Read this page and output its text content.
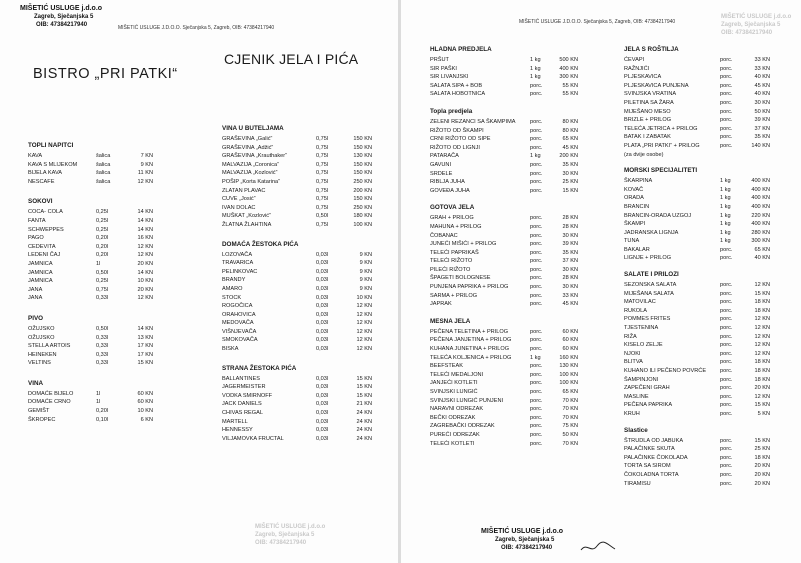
MIŠETIĆ USLUGE j.d.o.o
Zagreb, Sječanjska 5
OIB: 47384217940	MIŠETIĆ USLUGE J.D.O.O. Sječanjska 5, Zagreb, OIB: 47384217940
CJENIK JELA I PIĆA
BISTRO „PRI PATKI“
TOPLI NAPITCI
KAVA	šalica	7 KN
KAVA S MLIJEKOM	šalica	9 KN
BIJELA KAVA	šalica	11 KN
NESCAFE	šalica	12 KN
SOKOVI
COCA- COLA	0,25l	14 KN
FANTA	0,25l	14 KN
SCHWEPPES	0,25l	14 KN
PAGO	0,20l	16 KN
CEDEVITA	0,20l	12 KN
LEDENI ČAJ	0,20l	12 KN
JAMNICA	1l	20 KN
JAMNICA	0,50l	14 KN
JAMNICA	0,25l	10 KN
JANA	0,75l	20 KN
JANA	0,33l	12 KN
PIVO
OŽUJSKO	0,50l	14 KN
OŽUJSKO	0,33l	13 KN
STELLA ARTOIS	0,33l	17 KN
HEINEKEN	0,33l	17 KN
VELTINS	0,33l	15 KN
VINA
DOMAĆE BIJELO	1l	60 KN
DOMAĆE CRNO	1l	60 KN
GEMIŠT	0,20l	10 KN
ŠKROPEC	0,10l	6 KN
VINA U BUTELJAMA
GRAŠEVINA „Galić“	0,75l	150 KN
GRAŠEVINA „Adžić“	0,75l	150 KN
GRAŠEVINA „Krauthaker“	0,75l	130 KN
MALVAZIJA „Coronica“	0,75l	150 KN
MALVAZIJA „Kozlović“	0,75l	150 KN
POŠIP „Korta Katarina“	0,75l	250 KN
ZLATAN PLAVAC	0,75l	200 KN
CUVE „Josić“	0,75l	150 KN
IVAN DOLAC	0,75l	250 KN
MUŠKAT „Kozlović“	0,50l	180 KN
ŽLATNA ŽLAHTINA	0,75l	100 KN
DOMAĆA ŽESTOKA PIĆA
LOZOVAČA	0,03l	9 KN
TRAVARICA	0,03l	9 KN
PELINKOVAC	0,03l	9 KN
BRANDY	0,03l	9 KN
AMARO	0,03l	9 KN
STOCK	0,03l	10 KN
ROGOČICA	0,03l	12 KN
ORAHOVICA	0,03l	12 KN
MEDOVAČA	0,03l	12 KN
VIŠNJEVAČA	0,03l	12 KN
SMOKOVAČA	0,03l	12 KN
BISKA	0,03l	12 KN
STRANA ŽESTOKA PIĆA
BALLANTINES	0,03l	15 KN
JAGERMEISTER	0,03l	15 KN
VODKA SMIRNOFF	0,03l	15 KN
JACK DANIELS	0,03l	21 KN
CHIVAS REGAL	0,03l	24 KN
MARTELL	0,03l	24 KN
HENNESSY	0,03l	24 KN
VILJAMOVKA FRUCTAL	0,03l	24 KN
MIŠETIĆ USLUGE j.d.o.o
Zagreb, Sječanjska 5
OIB: 47384217940
MIŠETIĆ USLUGE J.D.O.O. Sječanjska 5, Zagreb, OIB: 47384217940
MIŠETIĆ USLUGE j.d.o.o
Zagreb, Sječanjska 5
OIB: 47384217940
HLADNA PREDJELA
PRŠUT	1 kg	500 KN
SIR PAŠKI	1 kg	400 KN
SIR LIVANJSKI	1 kg	300 KN
SALATA SIPA + BOB	porc.	55 KN
SALATA HOBOTNICA	porc.	55 KN
Topla predjela
ZELENI REZANCI SA ŠKAMPIMA	porc.	80 KN
RIŽOTO OD ŠKAMPI	porc.	80 KN
CRNI RIŽOTO OD SIPE	porc.	65 KN
RIŽOTO OD LIGNJI	porc.	45 KN
PATARAČA	1 kg	200 KN
GAVUNI	porc.	35 KN
SRDELE	porc.	30 KN
RIBLJA JUHA	porc.	25 KN
GOVEĐA JUHA	porc.	15 KN
GOTOVA JELA
GRAH + PRILOG	porc.	28 KN
MAHUNA + PRILOG	porc.	28 KN
ČOBANAC	porc.	30 KN
JUNEĆI MIŠIĆI + PRILOG	porc.	39 KN
TELEĆI PAPRIKAŠ	porc.	35 KN
TELEĆI RIŽOTO	porc.	37 KN
PILEĆI RIŽOTO	porc.	30 KN
ŠPAGETI BOLOGNESE	porc.	28 KN
PUNJENA PAPRIKA + PRILOG	porc.	30 KN
SARMA + PRILOG	porc.	33 KN
JAPRAK	porc.	45 KN
MESNA JELA
PEČENA TELETINA + PRILOG	porc.	60 KN
PEČENA JANJETINA + PRILOG	porc.	60 KN
KUHANA JUNETINA + PRILOG	porc.	60 KN
TELEĆA KOLJENICA + PRILOG	1 kg	160 KN
BEEFSTEAK	porc.	130 KN
TELEĆI MEDALJONI	porc.	100 KN
JANJEĆI KOTLETI	porc.	100 KN
SVINJSKI LUNGIĆ	porc.	65 KN
SVINJSKI LUNGIĆ PUNJENI	porc.	70 KN
NARAVNI ODREZAK	porc.	70 KN
BEČKI ODREZAK	porc.	70 KN
ZAGREBAČKI ODREZAK	porc.	75 KN
PUREĆI ODREZAK	porc.	50 KN
TELEĆI KOTLETI	porc.	70 KN
JELA S ROŠTILJA
ĆEVAPI	porc.	33 KN
RAŽNJIĆI	porc.	33 KN
PLJESKAVICA	porc.	40 KN
PLJESKAVICA PUNJENA	porc.	45 KN
SVINJSKA VRATINA	porc.	40 KN
PILETINA SA ŽARA	porc.	30 KN
MIJEŠANO MESO	porc.	50 KN
BRIZLE + PRILOG	porc.	39 KN
TELEĆA JETRICA + PRILOG	porc.	37 KN
BATAK I ZABATAK	porc.	35 KN
PLATA „PRI PATKI“ + PRILOG	porc.	140 KN
(za dvije osobe)
MORSKI SPECIJALITETI
ŠKARPINA	1 kg	400 KN
KOVAČ	1 kg	400 KN
ORADA	1 kg	400 KN
BRANCIN	1 kg	400 KN
BRANCIN-ORADA UZGOJ	1 kg	220 KN
ŠKAMPI	1 kg	400 KN
JADRANSKA LIGNJA	1 kg	280 KN
TUNA	1 kg	300 KN
BAKALAR	porc.	65 KN
LIGNJE + PRILOG	porc.	40 KN
SALATE I PRILOZI
SEZONSKA SALATA	porc.	12 KN
MIJEŠANA SALATA	porc.	15 KN
MATOVILAC	porc.	18 KN
RUKOLA	porc.	18 KN
POMMES FRITES	porc.	12 KN
TJESTENINA	porc.	12 KN
RIŽA	porc.	12 KN
KISELO ZELJE	porc.	12 KN
NJOKI	porc.	12 KN
BLITVA	porc.	18 KN
KUHANO ILI PEČENO POVRĆE	porc.	18 KN
ŠAMPINJONI	porc.	18 KN
ZAPEČENI GRAH	porc.	20 KN
MASLINE	porc.	12 KN
PEČENA PAPRIKA	porc.	15 KN
KRUH	porc.	5 KN
Slastice
ŠTRUDLA OD JABUKA	porc.	15 KN
PALAČINKE SKUTA	porc.	25 KN
PALAČINKE ČOKOLADA	porc.	18 KN
TORTA SA SIROM	porc.	20 KN
ČOKOLADNA TORTA	porc.	20 KN
TIRAMISU	porc.	20 KN
MIŠETIĆ USLUGE j.d.o.o
Zagreb, Sječanjska 5
OIB: 47384217940
